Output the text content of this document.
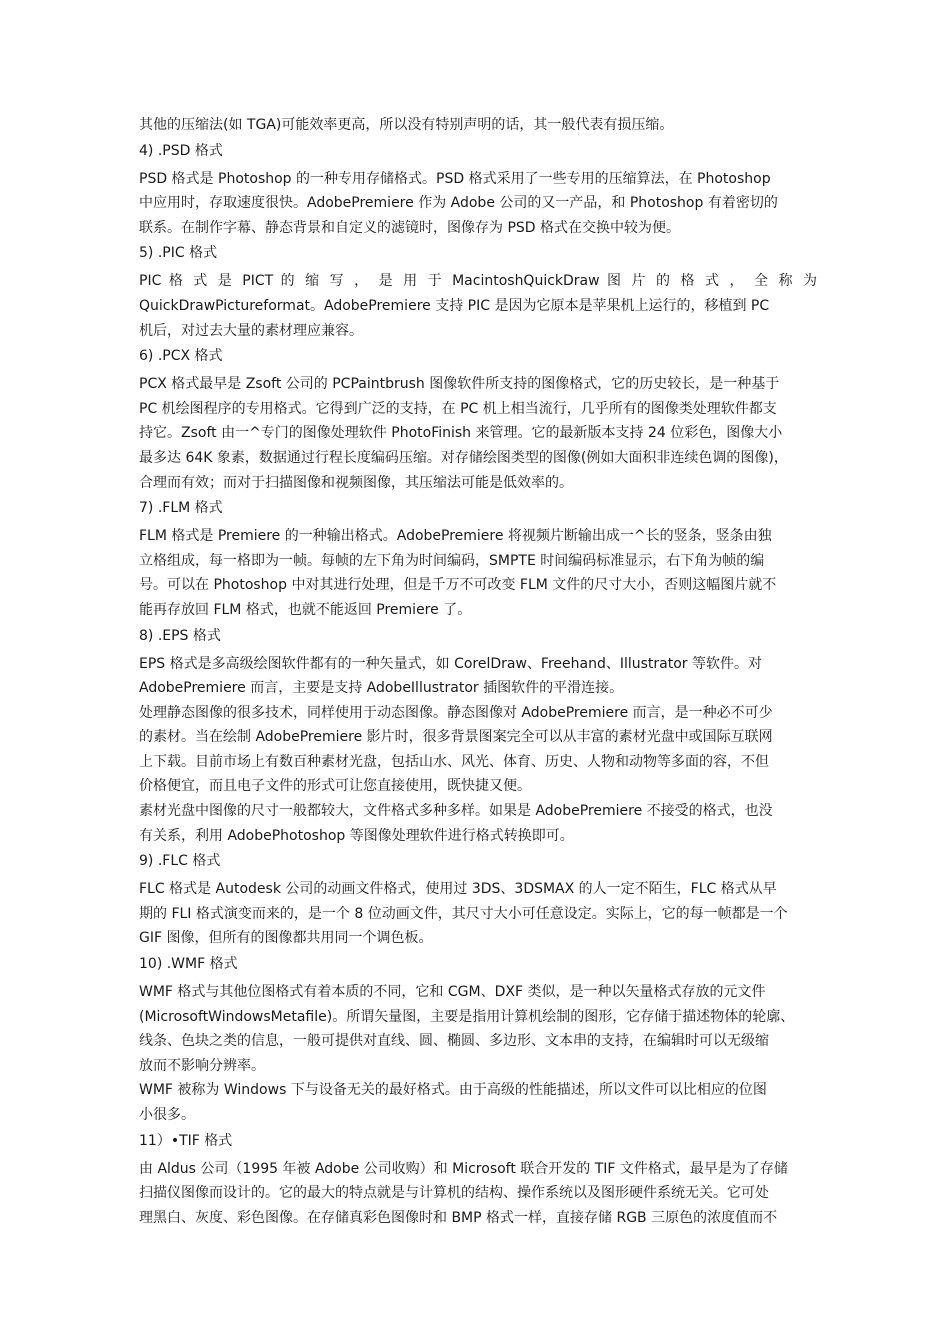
其他的压缩法(如 TGA)可能效率更高，所以没有特别声明的话，其一般代表有损压缩。
4) .PSD 格式
PSD 格式是 Photoshop 的一种专用存储格式。PSD 格式采用了一些专用的压缩算法，在 Photoshop
中应用时，存取速度很快。AdobePremiere 作为 Adobe 公司的又一产品，和 Photoshop 有着密切的
联系。在制作字幕、静态背景和自定义的滤镜时，图像存为 PSD 格式在交换中较为便。
5) .PIC 格式
PIC 格 式 是 PICT 的 缩 写 ， 是 用 于 MacintoshQuickDraw 图 片 的 格 式 ， 全 称 为
QuickDrawPictureformat。AdobePremiere 支持 PIC 是因为它原本是苹果机上运行的，移植到 PC
机后，对过去大量的素材理应兼容。
6) .PCX 格式
PCX 格式最早是 Zsoft 公司的 PCPaintbrush 图像软件所支持的图像格式，它的历史较长，是一种基于
PC 机绘图程序的专用格式。它得到广泛的支持，在 PC 机上相当流行，几乎所有的图像类处理软件都支
持它。Zsoft 由一^专门的图像处理软件 PhotoFinish 来管理。它的最新版本支持 24 位彩色，图像大小
最多达 64K 象素，数据通过行程长度编码压缩。对存储绘图类型的图像(例如大面积非连续色调的图像)，
合理而有效；而对于扫描图像和视频图像，其压缩法可能是低效率的。
7) .FLM 格式
FLM 格式是 Premiere 的一种输出格式。AdobePremiere 将视频片断输出成一^长的竖条，竖条由独
立格组成，每一格即为一帧。每帧的左下角为时间编码，SMPTE 时间编码标准显示，右下角为帧的编
号。可以在 Photoshop 中对其进行处理，但是千万不可改变 FLM 文件的尺寸大小，否则这幅图片就不
能再存放回 FLM 格式，也就不能返回 Premiere 了。
8) .EPS 格式
EPS 格式是多高级绘图软件都有的一种矢量式，如 CorelDraw、Freehand、Illustrator 等软件。对
AdobePremiere 而言，主要是支持 AdobeIllustrator 插图软件的平滑连接。
处理静态图像的很多技术，同样使用于动态图像。静态图像对 AdobePremiere 而言，是一种必不可少
的素材。当在绘制 AdobePremiere 影片时，很多背景图案完全可以从丰富的素材光盘中或国际互联网
上下载。目前市场上有数百种素材光盘，包括山水、风光、体育、历史、人物和动物等多面的容，不但
价格便宜，而且电子文件的形式可让您直接使用，既快捷又便。
素材光盘中图像的尺寸一般都较大，文件格式多种多样。如果是 AdobePremiere 不接受的格式，也没
有关系，利用 AdobePhotoshop 等图像处理软件进行格式转换即可。
9) .FLC 格式
FLC 格式是 Autodesk 公司的动画文件格式，使用过 3DS、3DSMAX 的人一定不陌生，FLC 格式从早
期的 FLI 格式演变而来的，是一个 8 位动画文件，其尺寸大小可任意设定。实际上，它的每一帧都是一个
GIF 图像，但所有的图像都共用同一个调色板。
10) .WMF 格式
WMF 格式与其他位图格式有着本质的不同，它和 CGM、DXF 类似，是一种以矢量格式存放的元文件
(MicrosoftWindowsMetafile)。所谓矢量图，主要是指用计算机绘制的图形，它存储于描述物体的轮廓、
线条、色块之类的信息，一般可提供对直线、圆、椭圆、多边形、文本串的支持，在编辑时可以无级缩
放而不影响分辨率。
WMF 被称为 Windows 下与设备无关的最好格式。由于高级的性能描述，所以文件可以比相应的位图
小很多。
11）•TIF 格式
由 Aldus 公司（1995 年被 Adobe 公司收购）和 Microsoft 联合开发的 TIF 文件格式，最早是为了存储
扫描仪图像而设计的。它的最大的特点就是与计算机的结构、操作系统以及图形硬件系统无关。它可处
理黑白、灰度、彩色图像。在存储真彩色图像时和 BMP 格式一样，直接存储 RGB 三原色的浓度值而不
